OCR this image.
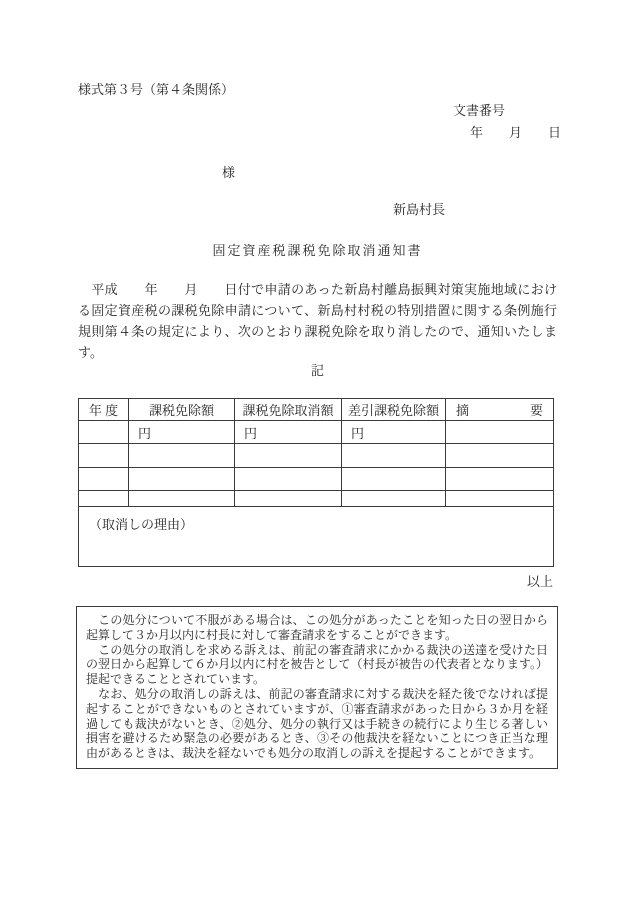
様式第３号（第４条関係）
文書番号
年　　月　　日
様
新島村長
固定資産税課税免除取消通知書
　平成　　年　　月　　日付で申請のあった新島村離島振興対策実施地域における固定資産税の課税免除申請について、新島村村税の特別措置に関する条例施行規則第４条の規定により、次のとおり課税免除を取り消したので、通知いたします。
記
年 度	課税免除額	課税免除取消額	差引課税免除額	摘 要

	円	円	円	

（取消しの理由）				
以上

　この処分について不服がある場合は、この処分があったことを知った日の翌日から起算して３か月以内に村長に対して審査請求をすることができます。

　この処分の取消しを求める訴えは、前記の審査請求にかかる裁決の送達を受けた日の翌日から起算して６か月以内に村を被告として（村長が被告の代表者となります。）提起できることとされています。

　なお、処分の取消しの訴えは、前記の審査請求に対する裁決を経た後でなければ提起することができないものとされていますが、①審査請求があった日から３か月を経過しても裁決がないとき、②処分、処分の執行又は手続きの続行により生じる著しい損害を避けるため緊急の必要があるとき、③その他裁決を経ないことにつき正当な理由があるときは、裁決を経ないでも処分の取消しの訴えを提起することができます。
